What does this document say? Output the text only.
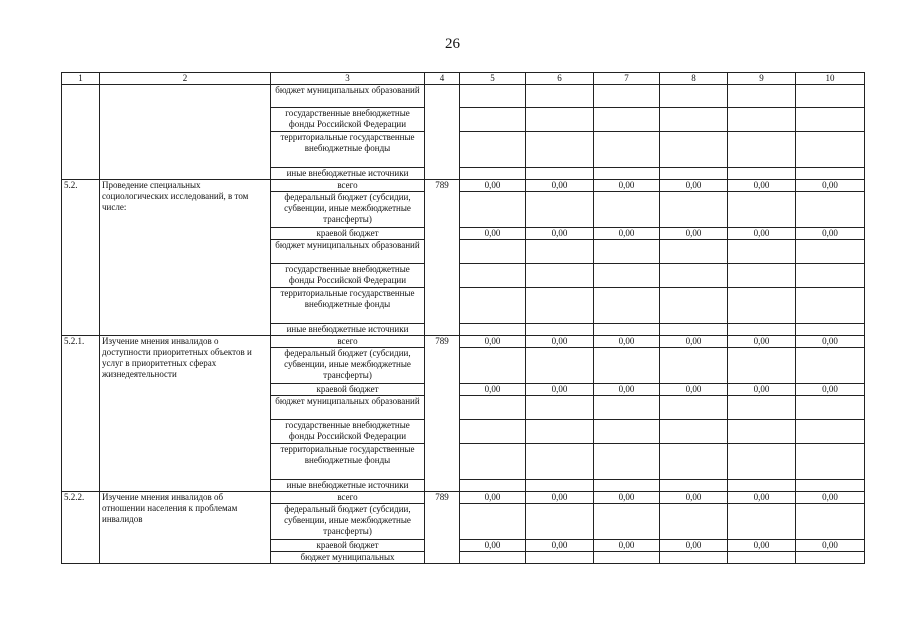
26
1	2	3	4	5	6	7	8	9	10
		бюджет муниципальных образований							
		государственные внебюджетные фонды Российской Федерации							
		территориальные государственные внебюджетные фонды							
		иные внебюджетные источники							
5.2.	Проведение специальных социологических исследований, в том числе:	всего	789	0,00	0,00	0,00	0,00	0,00	0,00
		федеральный бюджет (субсидии, субвенции, иные межбюджетные трансферты)							
		краевой бюджет		0,00	0,00	0,00	0,00	0,00	0,00
		бюджет муниципальных образований							
		государственные внебюджетные фонды Российской Федерации							
		территориальные государственные внебюджетные фонды							
		иные внебюджетные источники							
5.2.1.	Изучение мнения инвалидов о доступности приоритетных объектов и услуг в приоритетных сферах жизнедеятельности	всего	789	0,00	0,00	0,00	0,00	0,00	0,00
		федеральный бюджет (субсидии, субвенции, иные межбюджетные трансферты)							
		краевой бюджет		0,00	0,00	0,00	0,00	0,00	0,00
		бюджет муниципальных образований							
		государственные внебюджетные фонды Российской Федерации							
		территориальные государственные внебюджетные фонды							
		иные внебюджетные источники							
5.2.2.	Изучение мнения инвалидов об отношении населения к проблемам инвалидов	всего	789	0,00	0,00	0,00	0,00	0,00	0,00
		федеральный бюджет (субсидии, субвенции, иные межбюджетные трансферты)							
		краевой бюджет		0,00	0,00	0,00	0,00	0,00	0,00
		бюджет муниципальных							
